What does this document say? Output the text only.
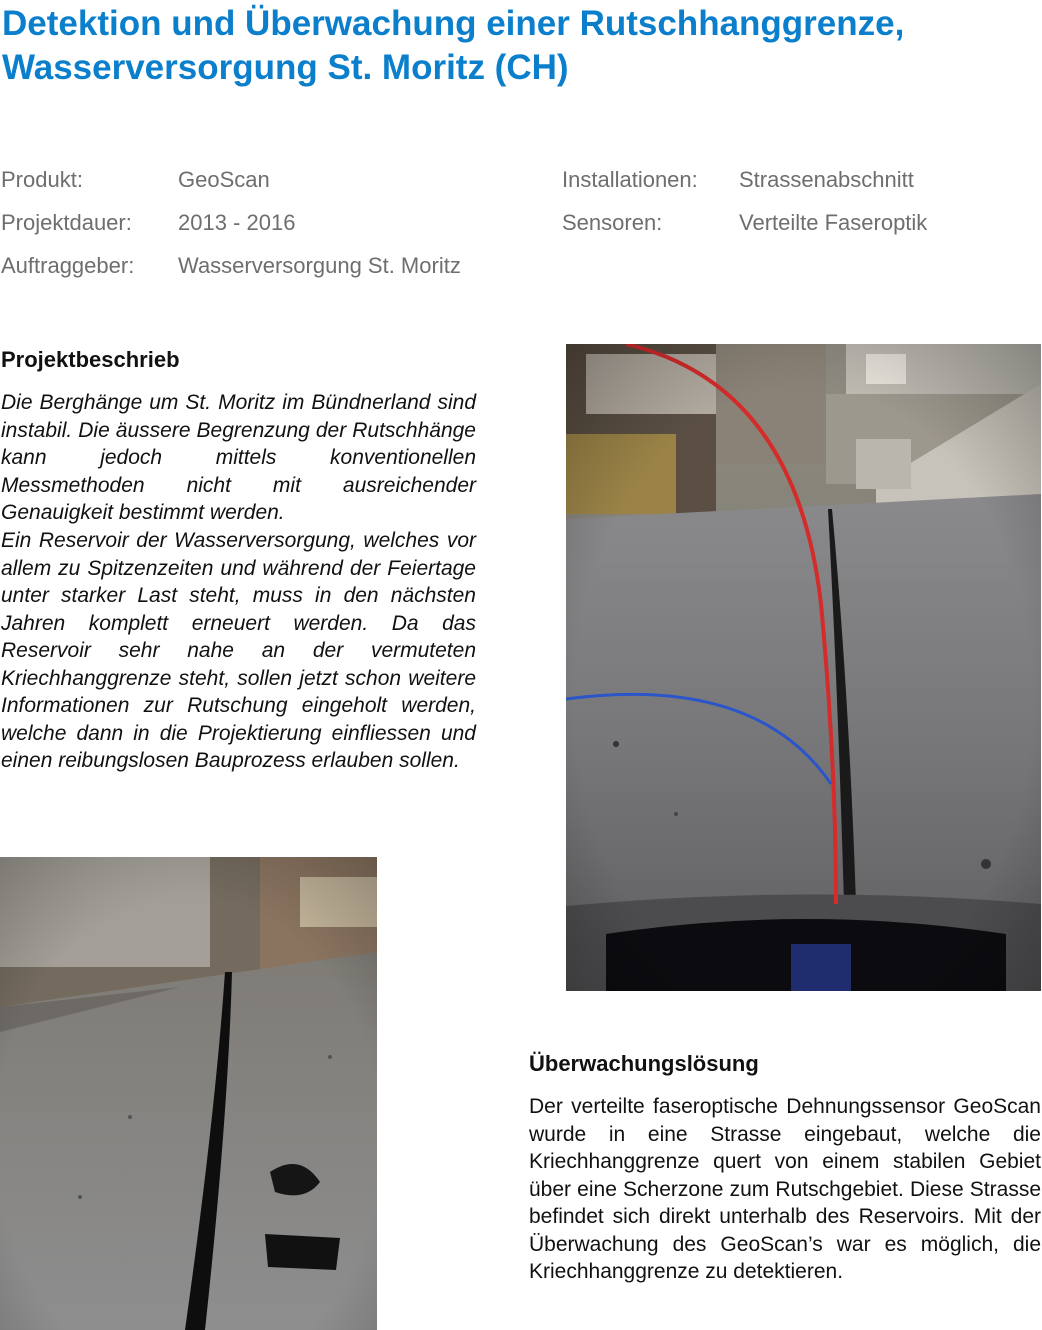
Detektion und Überwachung einer Rutschhanggrenze,
Wasserversorgung St. Moritz (CH)
Produkt:	GeoScan
Projektdauer: 2013 - 2016
Auftraggeber: Wasserversorgung St. Moritz
Installationen: Strassenabschnitt
Sensoren:	Verteilte Faseroptik
Projektbeschrieb

Die Berghänge um St. Moritz im Bündnerland sind instabil. Die äussere Begrenzung der Rutschhänge kann jedoch mittels konventionellen Messmethoden nicht mit ausreichender Genauigkeit bestimmt werden.

Ein Reservoir der Wasserversorgung, welches vor allem zu Spitzenzeiten und während der Feiertage unter starker Last steht, muss in den nächsten Jahren komplett erneuert werden. Da das Reservoir sehr nahe an der vermuteten Kriechhanggrenze steht, sollen jetzt schon weitere Informationen zur Rutschung eingeholt werden, welche dann in die Projektierung einfliessen und einen reibungslosen Bauprozess erlauben sollen.

Überwachungslösung

Der verteilte faseroptische Dehnungssensor GeoScan wurde in eine Strasse eingebaut, welche die Kriechhanggrenze quert von einem stabilen Gebiet über eine Scherzone zum Rutschgebiet. Diese Strasse befindet sich direkt unterhalb des Reservoirs. Mit der Überwachung des GeoScan’s war es möglich, die Kriechhanggrenze zu detektieren.
